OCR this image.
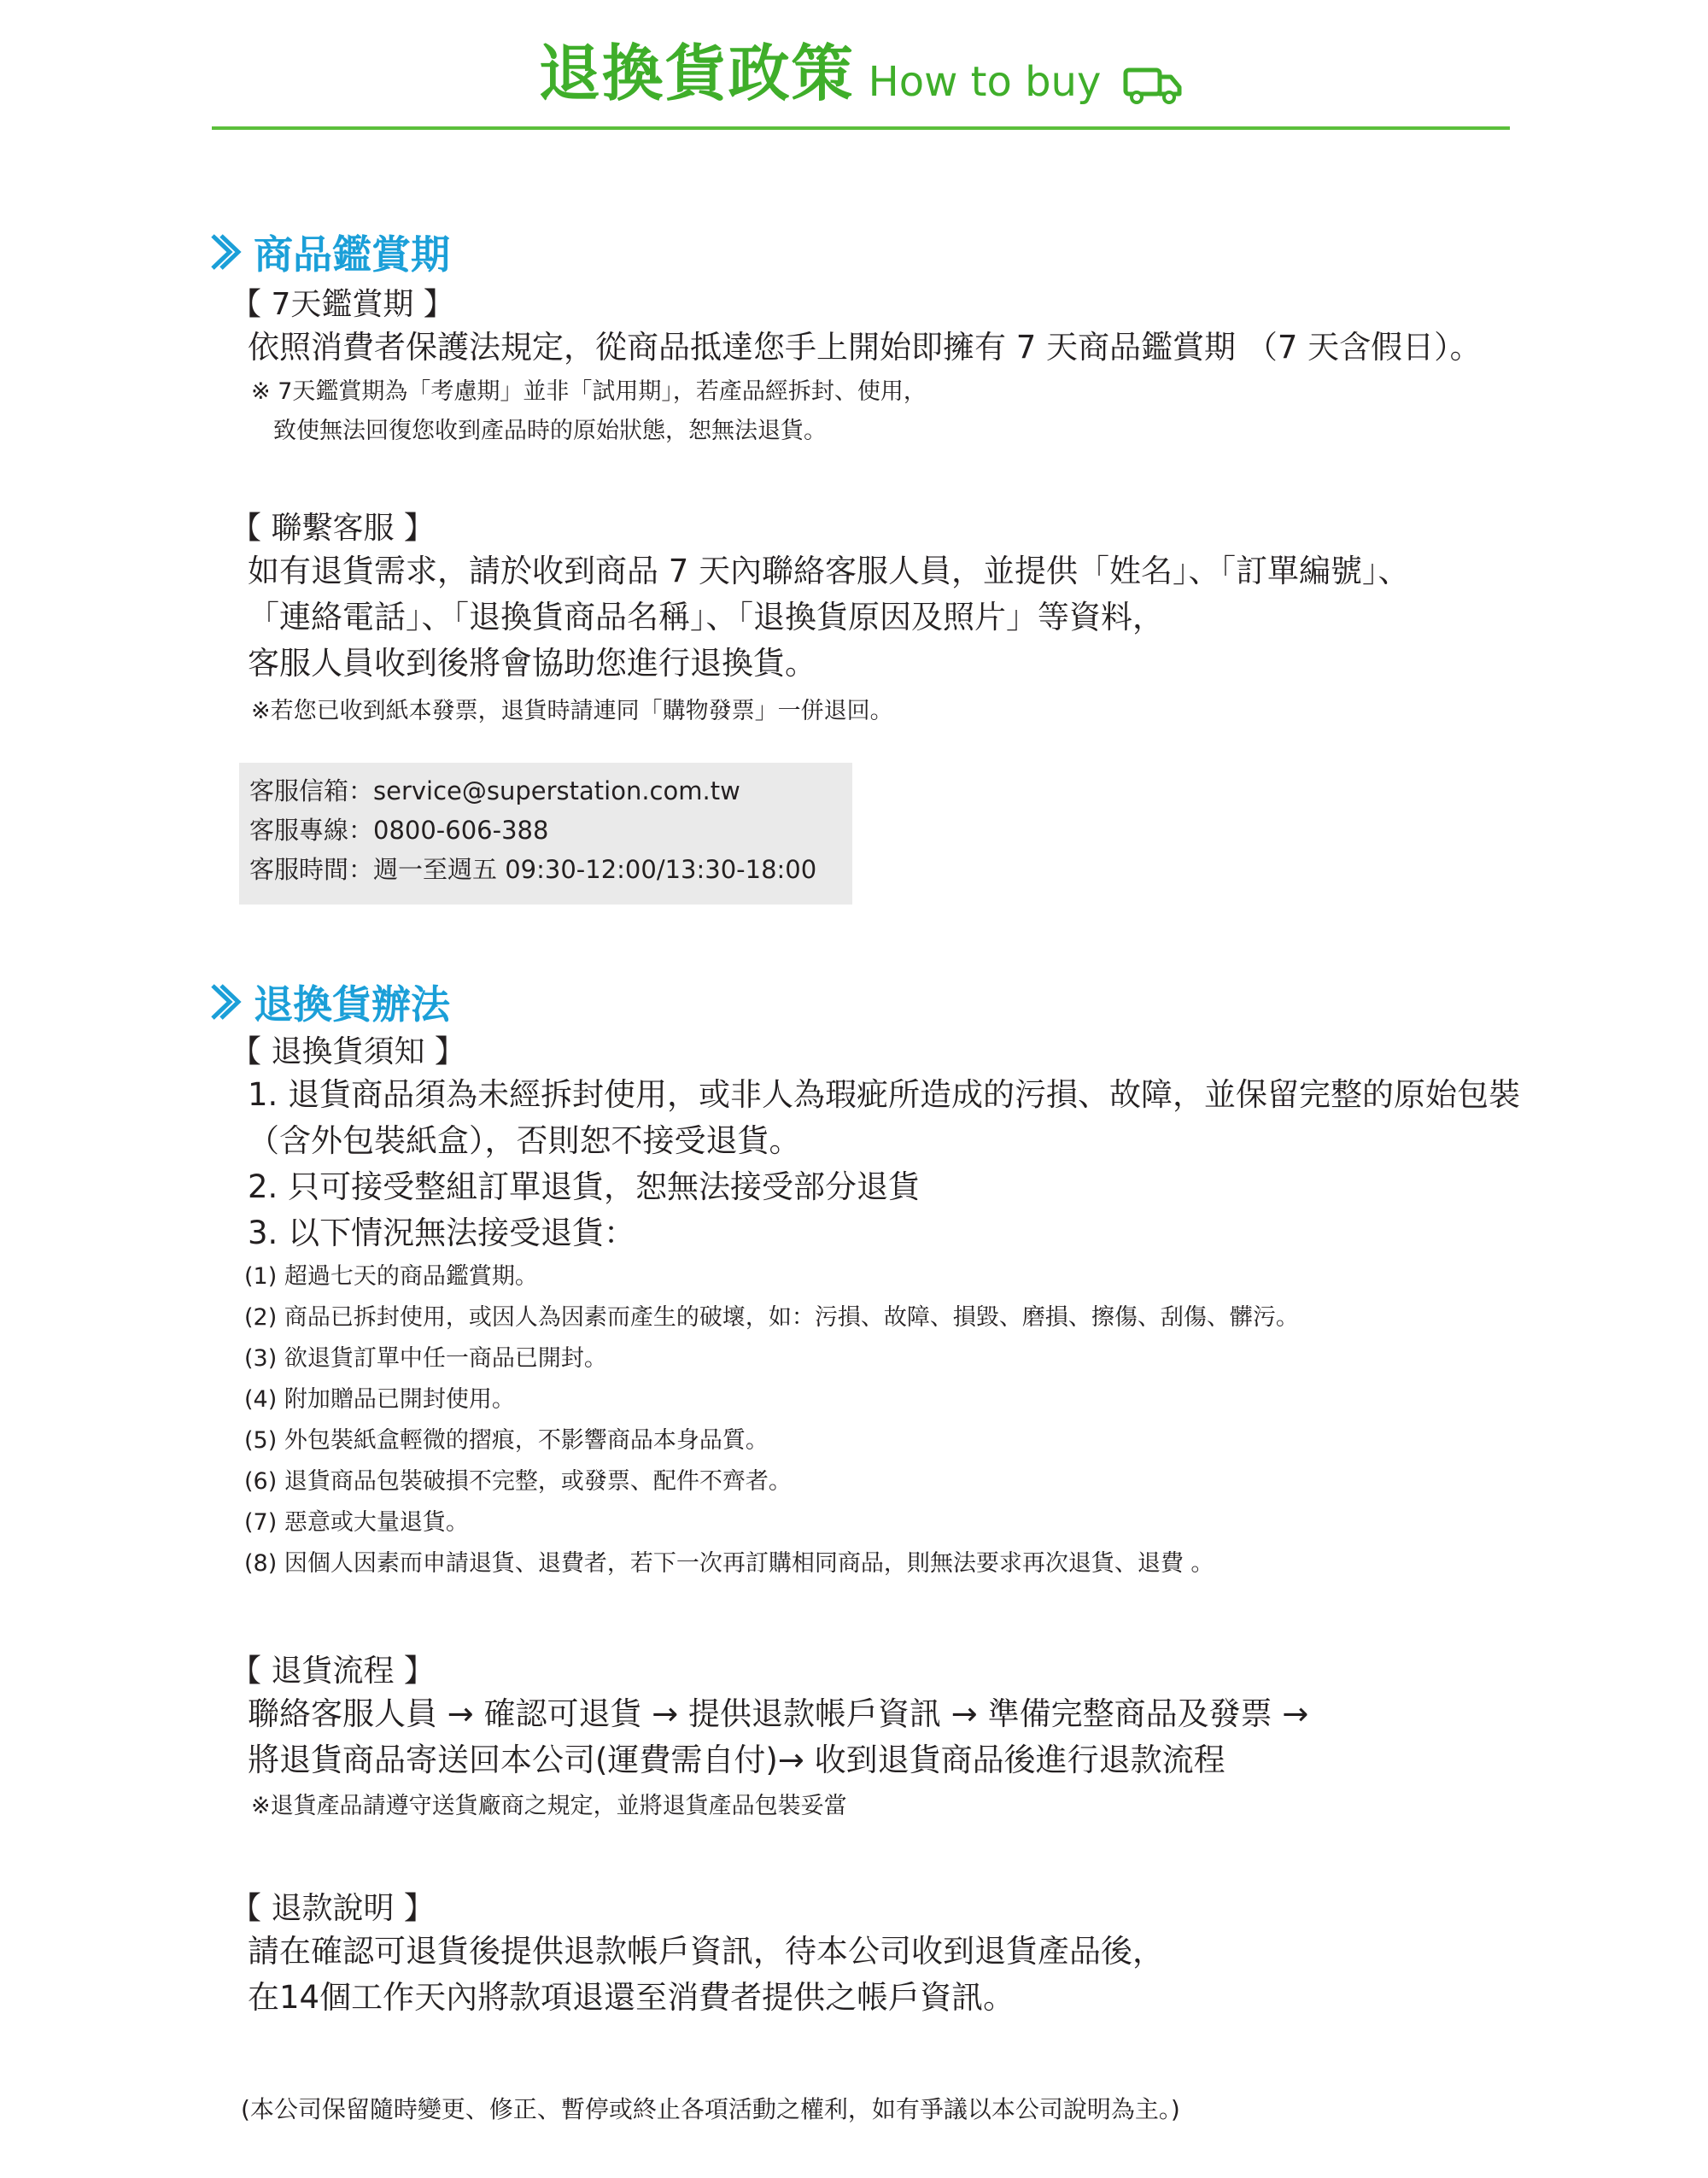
退換貨政策 How to buy
商品鑑賞期
【 7天鑑賞期 】
依照消費者保護法規定，從商品抵達您手上開始即擁有 7 天商品鑑賞期 （7 天含假日）。
※ 7天鑑賞期為「考慮期」並非「試用期」，若產品經拆封、使用，
致使無法回復您收到產品時的原始狀態，恕無法退貨。
【 聯繫客服 】
如有退貨需求，請於收到商品 7 天內聯絡客服人員，並提供「姓名」、「訂單編號」、
「連絡電話」、「退換貨商品名稱」、「退換貨原因及照片」等資料，
客服人員收到後將會協助您進行退換貨。
※若您已收到紙本發票，退貨時請連同「購物發票」一併退回。
客服信箱：service@superstation.com.tw
客服專線：0800-606-388
客服時間：週一至週五 09:30-12:00/13:30-18:00
退換貨辦法
【 退換貨須知 】
1. 退貨商品須為未經拆封使用，或非人為瑕疵所造成的污損、故障，並保留完整的原始包裝
（含外包裝紙盒），否則恕不接受退貨。
2. 只可接受整組訂單退貨，恕無法接受部分退貨
3. 以下情況無法接受退貨：
(1) 超過七天的商品鑑賞期。
(2) 商品已拆封使用，或因人為因素而產生的破壞，如：污損、故障、損毀、磨損、擦傷、刮傷、髒污。
(3) 欲退貨訂單中任一商品已開封。
(4) 附加贈品已開封使用。
(5) 外包裝紙盒輕微的摺痕，不影響商品本身品質。
(6) 退貨商品包裝破損不完整，或發票、配件不齊者。
(7) 惡意或大量退貨。
(8) 因個人因素而申請退貨、退費者，若下一次再訂購相同商品，則無法要求再次退貨、退費 。
【 退貨流程 】
聯絡客服人員 → 確認可退貨 → 提供退款帳戶資訊 → 準備完整商品及發票 →
將退貨商品寄送回本公司(運費需自付)→ 收到退貨商品後進行退款流程
※退貨產品請遵守送貨廠商之規定，並將退貨產品包裝妥當
【 退款說明 】
請在確認可退貨後提供退款帳戶資訊，待本公司收到退貨產品後，
在14個工作天內將款項退還至消費者提供之帳戶資訊。
(本公司保留隨時變更、修正、暫停或終止各項活動之權利，如有爭議以本公司說明為主。)
